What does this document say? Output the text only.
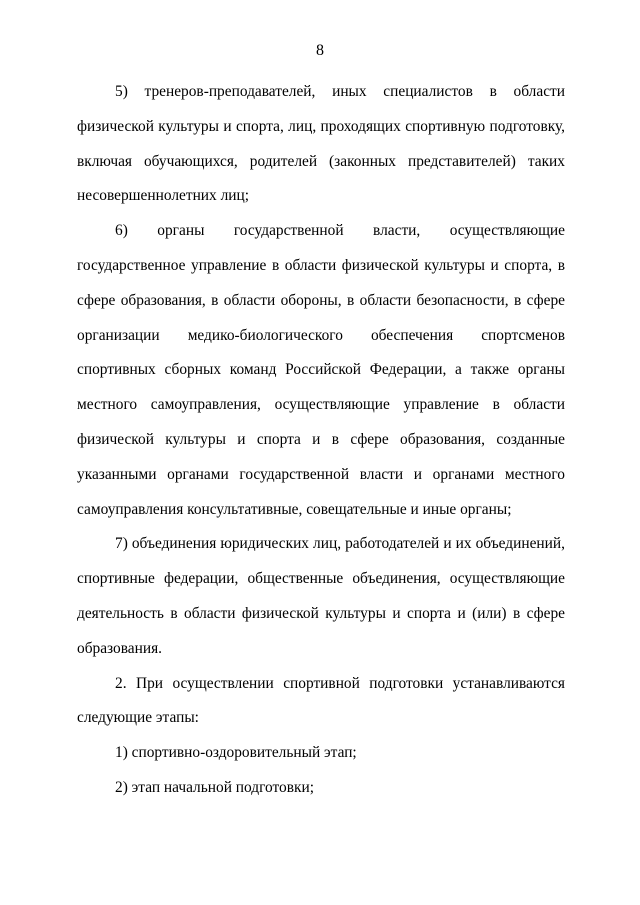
8

5) тренеров-преподавателей, иных специалистов в области физической культуры и спорта, лиц, проходящих спортивную подготовку, включая обучающихся, родителей (законных представителей) таких несовершеннолетних лиц;

6) органы государственной власти, осуществляющие государственное управление в области физической культуры и спорта, в сфере образования, в области обороны, в области безопасности, в сфере организации медико-биологического обеспечения спортсменов спортивных сборных команд Российской Федерации, а также органы местного самоуправления, осуществляющие управление в области физической культуры и спорта и в сфере образования, созданные указанными органами государственной власти и органами местного самоуправления консультативные, совещательные и иные органы;

7) объединения юридических лиц, работодателей и их объединений, спортивные федерации, общественные объединения, осуществляющие деятельность в области физической культуры и спорта и (или) в сфере образования.

2. При осуществлении спортивной подготовки устанавливаются следующие этапы:

1) спортивно-оздоровительный этап;

2) этап начальной подготовки;
